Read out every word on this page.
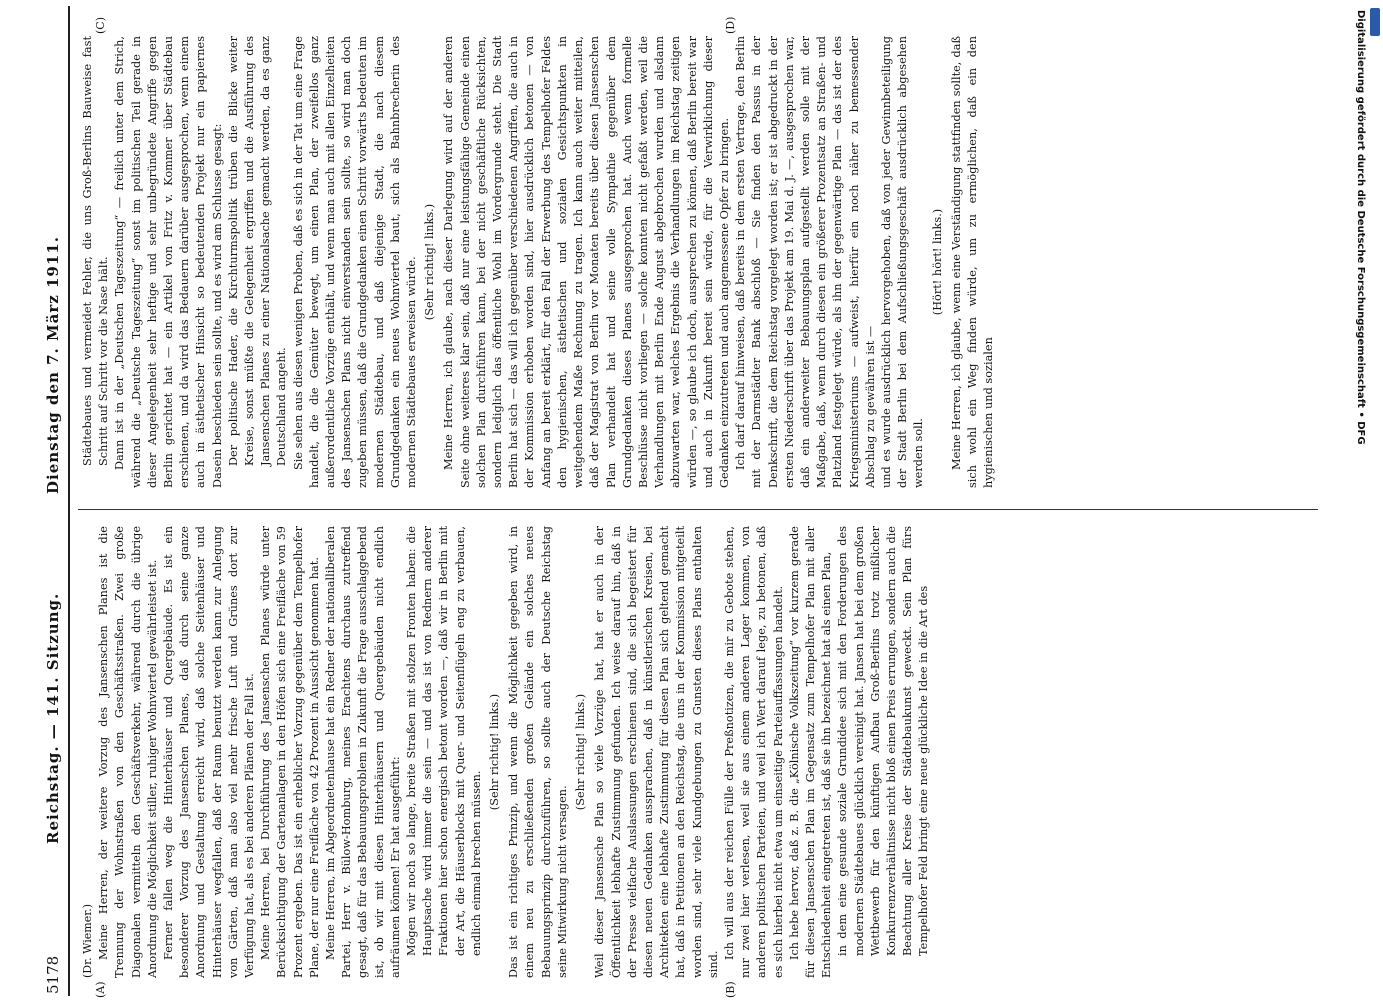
5178
Reichstag. — 141. Sitzung.
Dienstag den 7. März 1911.
(A)	(B)
(C)	(D)

(Dr. Wiemer.) Meine Herren, der weitere Vorzug des Jansenschen Planes ist die Trennung der Wohnstraßen von den Geschäftsstraßen. Zwei große Diagonalen vermitteln den Geschäftsverkehr, während durch die übrige Anordnung die Möglichkeit stiller, ruhiger Wohnviertel gewährleistet ist. Ferner fallen weg die Hinterhäuser und Quergebäude. Es ist ein besonderer Vorzug des Jansenschen Planes, daß durch seine ganze Anordnung und Gestaltung erreicht wird, daß solche Seitenhäuser und Hinterhäuser wegfallen, daß der Raum benutzt werden kann zur Anlegung von Gärten, daß man also viel mehr frische Luft und Grünes dort zur Verfügung hat, als es bei anderen Plänen der Fall ist. Meine Herren, bei Durchführung des Jansenschen Planes würde unter Berücksichtigung der Gartenanlagen in den Höfen sich eine Freifläche von 59 Prozent ergeben. Das ist ein erheblicher Vorzug gegenüber dem Tempelhofer Plane, der nur eine Freifläche von 42 Prozent in Aussicht genommen hat. Meine Herren, im Abgeordnetenhause hat ein Redner der nationalliberalen Partei, Herr v. Bülow-Homburg, meines Erachtens durchaus zutreffend gesagt, daß für das Bebauungsproblem in Zukunft die Frage ausschlaggebend ist, ob wir mit diesen Hinterhäusern und Quergebäuden nicht endlich aufräumen können! Er hat ausgeführt: Mögen wir noch so lange, breite Straßen mit stolzen Fronten haben: die Hauptsache wird immer die sein — und das ist von Rednern anderer Fraktionen hier schon energisch betont worden —, daß wir in Berlin mit der Art, die Häuserblocks mit Quer- und Seitenflügeln eng zu verbauen, endlich einmal brechen müssen.

(Sehr richtig! links.) Das ist ein richtiges Prinzip, und wenn die Möglichkeit gegeben wird, in einem neu zu erschließenden großen Gelände ein solches neues Bebauungsprinzip durchzuführen, so sollte auch der Deutsche Reichstag seine Mitwirkung nicht versagen.

(Sehr richtig! links.) Weil dieser Jansensche Plan so viele Vorzüge hat, hat er auch in der Öffentlichkeit lebhafte Zustimmung gefunden. Ich weise darauf hin, daß in der Presse vielfache Auslassungen erschienen sind, die sich begeistert für diesen neuen Gedanken aussprachen, daß in künstlerischen Kreisen, bei Architekten eine lebhafte Zustimmung für diesen Plan sich geltend gemacht hat, daß in Petitionen an den Reichstag, die uns in der Kommission mitgeteilt worden sind, sehr viele Kundgebungen zu Gunsten dieses Plans enthalten sind.

Ich will aus der reichen Fülle der Preßnotizen, die mir zu Gebote stehen, nur zwei hier verlesen, weil sie aus einem anderen Lager kommen, von anderen politischen Parteien, und weil ich Wert darauf lege, zu betonen, daß es sich hierbei nicht etwa um einseitige Parteiauffassungen handelt. Ich hebe hervor, daß z. B. die „Kölnische Volkszeitung“ vor kurzem gerade für diesen Jansenschen Plan im Gegensatz zum Tempelhofer Plan mit aller Entschiedenheit eingetreten ist, daß sie ihn bezeichnet hat als einen Plan, in dem eine gesunde soziale Grundidee sich mit den Forderungen des modernen Städtebaues glücklich vereinigt hat. Jansen hat bei dem großen Wettbewerb für den künftigen Aufbau Groß-Berlins trotz mißlicher Konkurrenzverhältnisse nicht bloß einen Preis errungen, sondern auch die Beachtung aller Kreise der Städtebaukunst geweckt. Sein Plan fürs Tempelhofer Feld bringt eine neue glückliche Idee in die Art des

Städtebaues und vermeidet Fehler, die uns Groß-Berlins Bauweise fast Schritt auf Schritt vor die Nase hält. Dann ist in der „Deutschen Tageszeitung“ — freilich unter dem Strich, während die „Deutsche Tageszeitung“ sonst im politischen Teil gerade in dieser Angelegenheit sehr heftige und sehr unbegründete Angriffe gegen Berlin gerichtet hat — ein Artikel von Fritz v. Kommer über Städtebau erschienen, und da wird das Bedauern darüber ausgesprochen, wenn einem auch in ästhetischer Hinsicht so bedeutenden Projekt nur ein papiernes Dasein beschieden sein sollte, und es wird am Schlusse gesagt: Der politische Hader, die Kirchturmspolitik trüben die Blicke weiter Kreise, sonst müßte die Gelegenheit ergriffen und die Ausführung des Jansenschen Planes zu einer Nationalsache gemacht werden, da es ganz Deutschland angeht. Sie sehen aus diesen wenigen Proben, daß es sich in der Tat um eine Frage handelt, die die Gemüter bewegt, um einen Plan, der zweifellos ganz außerordentliche Vorzüge enthält, und wenn man auch mit allen Einzelheiten des Jansenschen Plans nicht einverstanden sein sollte, so wird man doch zugeben müssen, daß die Grundgedanken einen Schritt vorwärts bedeuten im modernen Städtebau, und daß diejenige Stadt, die nach diesem Grundgedanken ein neues Wohnviertel baut, sich als Bahnbrecherin des modernen Städtebaues erweisen würde. (Sehr richtig! links.) Meine Herren, ich glaube, nach dieser Darlegung wird auf der anderen Seite ohne weiteres klar sein, daß nur eine leistungsfähige Gemeinde einen solchen Plan durchführen kann, bei der nicht geschäftliche Rücksichten, sondern lediglich das öffentliche Wohl im Vordergrunde steht. Die Stadt Berlin hat sich — das will ich gegenüber verschiedenen Angriffen, die auch in der Kommission erhoben worden sind, hier ausdrücklich betonen — von Anfang an bereit erklärt, für den Fall der Erwerbung des Tempelhofer Feldes den hygienischen, ästhetischen und sozialen Gesichtspunkten in weitgehendem Maße Rechnung zu tragen. Ich kann auch weiter mitteilen, daß der Magistrat von Berlin vor Monaten bereits über diesen Jansenschen Plan verhandelt hat und seine volle Sympathie gegenüber dem Grundgedanken dieses Planes ausgesprochen hat. Auch wenn formelle Beschlüsse nicht vorliegen — solche konnten nicht gefaßt werden, weil die Verhandlungen mit Berlin Ende August abgebrochen wurden und alsdann abzuwarten war, welches Ergebnis die Verhandlungen im Reichstag zeitigen würden —, so glaube ich doch, aussprechen zu können, daß Berlin bereit war und auch in Zukunft bereit sein würde, für die Verwirklichung dieser Gedanken einzutreten und auch angemessene Opfer zu bringen. Ich darf darauf hinweisen, daß bereits in dem ersten Vertrage, den Berlin mit der Darmstädter Bank abschloß — Sie finden den Passus in der Denkschrift, die dem Reichstag vorgelegt worden ist; er ist abgedruckt in der ersten Niederschrift über das Projekt am 19. Mai d. J. —, ausgesprochen war, daß ein anderweiter Bebauungsplan aufgestellt werden solle mit der Maßgabe, daß, wenn durch diesen ein größerer Prozentsatz an Straßen- und Platzland festgelegt würde, als ihn der gegenwärtige Plan — das ist der des Kriegsministeriums — aufweist, hierfür ein noch näher zu bemessender Abschlag zu gewähren ist — und es wurde ausdrücklich hervorgehoben, daß von jeder Gewinnbeteiligung der Stadt Berlin bei dem Aufschließungsgeschäft ausdrücklich abgesehen werden soll.

(Hört! hört! links.) Meine Herren, ich glaube, wenn eine Verständigung stattfinden sollte, daß sich wohl ein Weg finden würde, um zu ermöglichen, daß ein den hygienischen und sozialen	Digitalisierung gefördert durch die Deutsche Forschungsgemeinschaft • DFG
